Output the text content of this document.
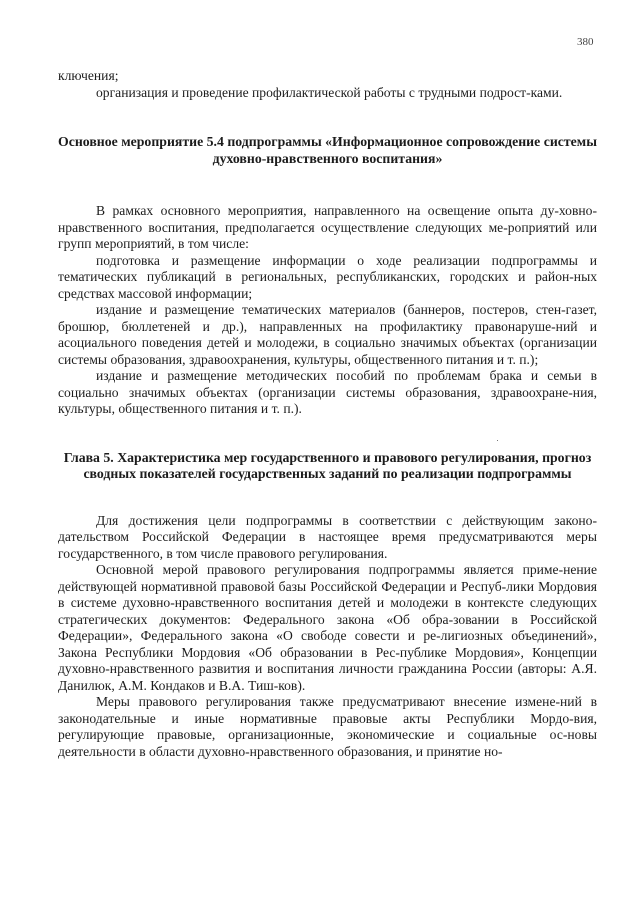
380

ключения;

организация и проведение профилактической работы с трудными подрост-ками.

Основное мероприятие 5.4 подпрограммы «Информационное сопровождение системы духовно-нравственного воспитания»

В рамках основного мероприятия, направленного на освещение опыта ду-ховно-нравственного воспитания, предполагается осуществление следующих ме-роприятий или групп мероприятий, в том числе:

подготовка и размещение информации о ходе реализации подпрограммы и тематических публикаций в региональных, республиканских, городских и район-ных средствах массовой информации;

издание и размещение тематических материалов (баннеров, постеров, стен-газет, брошюр, бюллетеней и др.), направленных на профилактику правонаруше-ний и асоциального поведения детей и молодежи, в социально значимых объектах (организации системы образования, здравоохранения, культуры, общественного питания и т. п.);

издание и размещение методических пособий по проблемам брака и семьи в социально значимых объектах (организации системы образования, здравоохране-ния, культуры, общественного питания и т. п.).

Глава 5. Характеристика мер государственного и правового регулирования, прогноз сводных показателей государственных заданий по реализации подпрограммы

Для достижения цели подпрограммы в соответствии с действующим законо-дательством Российской Федерации в настоящее время предусматриваются меры государственного, в том числе правового регулирования.

Основной мерой правового регулирования подпрограммы является приме-нение действующей нормативной правовой базы Российской Федерации и Респуб-лики Мордовия в системе духовно-нравственного воспитания детей и молодежи в контексте следующих стратегических документов: Федерального закона «Об обра-зовании в Российской Федерации», Федерального закона «О свободе совести и ре-лигиозных объединений», Закона Республики Мордовия «Об образовании в Рес-публике Мордовия», Концепции духовно-нравственного развития и воспитания личности гражданина России (авторы: А.Я. Данилюк, А.М. Кондаков и В.А. Тиш-ков).

Меры правового регулирования также предусматривают внесение измене-ний в законодательные и иные нормативные правовые акты Республики Мордо-вия, регулирующие правовые, организационные, экономические и социальные ос-новы деятельности в области духовно-нравственного образования, и принятие но-
